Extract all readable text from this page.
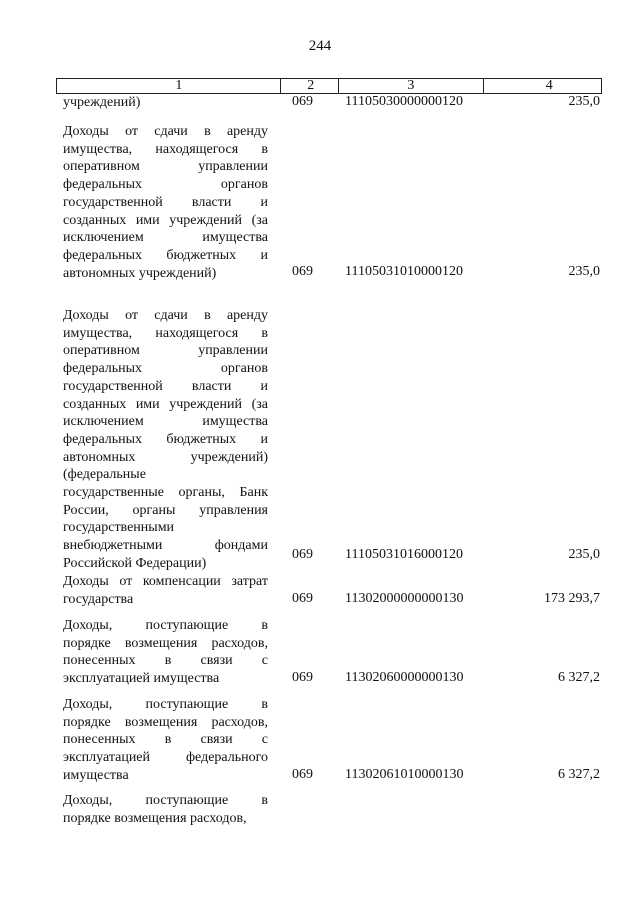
244
1	2	3	4
учреждений)	069	11105030000000120	235,0
Доходы от сдачи в аренду
имущества, находящегося в
оперативном управлении
федеральных органов
государственной власти и
созданных ими учреждений (за
исключением имущества
федеральных бюджетных и
автономных учреждений)	069	11105031010000120	235,0
Доходы от сдачи в аренду
имущества, находящегося в
оперативном управлении
федеральных органов
государственной власти и
созданных ими учреждений (за
исключением имущества
федеральных бюджетных и
автономных учреждений)
(федеральные
государственные органы, Банк
России, органы управления
государственными
внебюджетными фондами
Российской Федерации)
069	11105031016000120	235,0
Доходы от компенсации затрат
государства	069	11302000000000130	173 293,7
Доходы, поступающие в
порядке возмещения расходов,
понесенных в связи с
эксплуатацией имущества	069	11302060000000130	6 327,2
Доходы, поступающие в
порядке возмещения расходов,
понесенных в связи с
эксплуатацией федерального
имущества	069	11302061010000130	6 327,2
Доходы, поступающие в
порядке возмещения расходов,
